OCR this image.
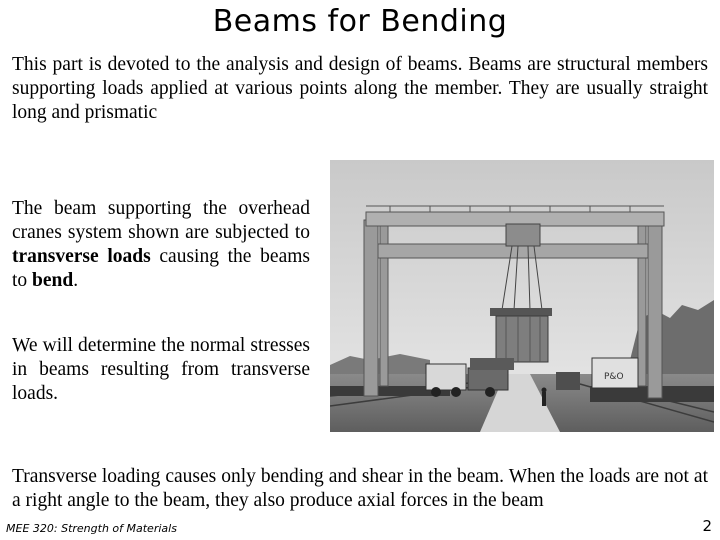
Beams for Bending
This part is devoted to the analysis and design of beams. Beams are structural members supporting loads applied at various points along the member. They are usually straight long and prismatic
The beam supporting the overhead cranes system shown are subjected to transverse loads causing the beams to bend.
We will determine the normal stresses in beams resulting from transverse loads.
P&O
Transverse loading causes only bending and shear in the beam. When the loads are not at a right angle to the beam, they also produce axial forces in the beam
MEE 320: Strength of Materials	2
